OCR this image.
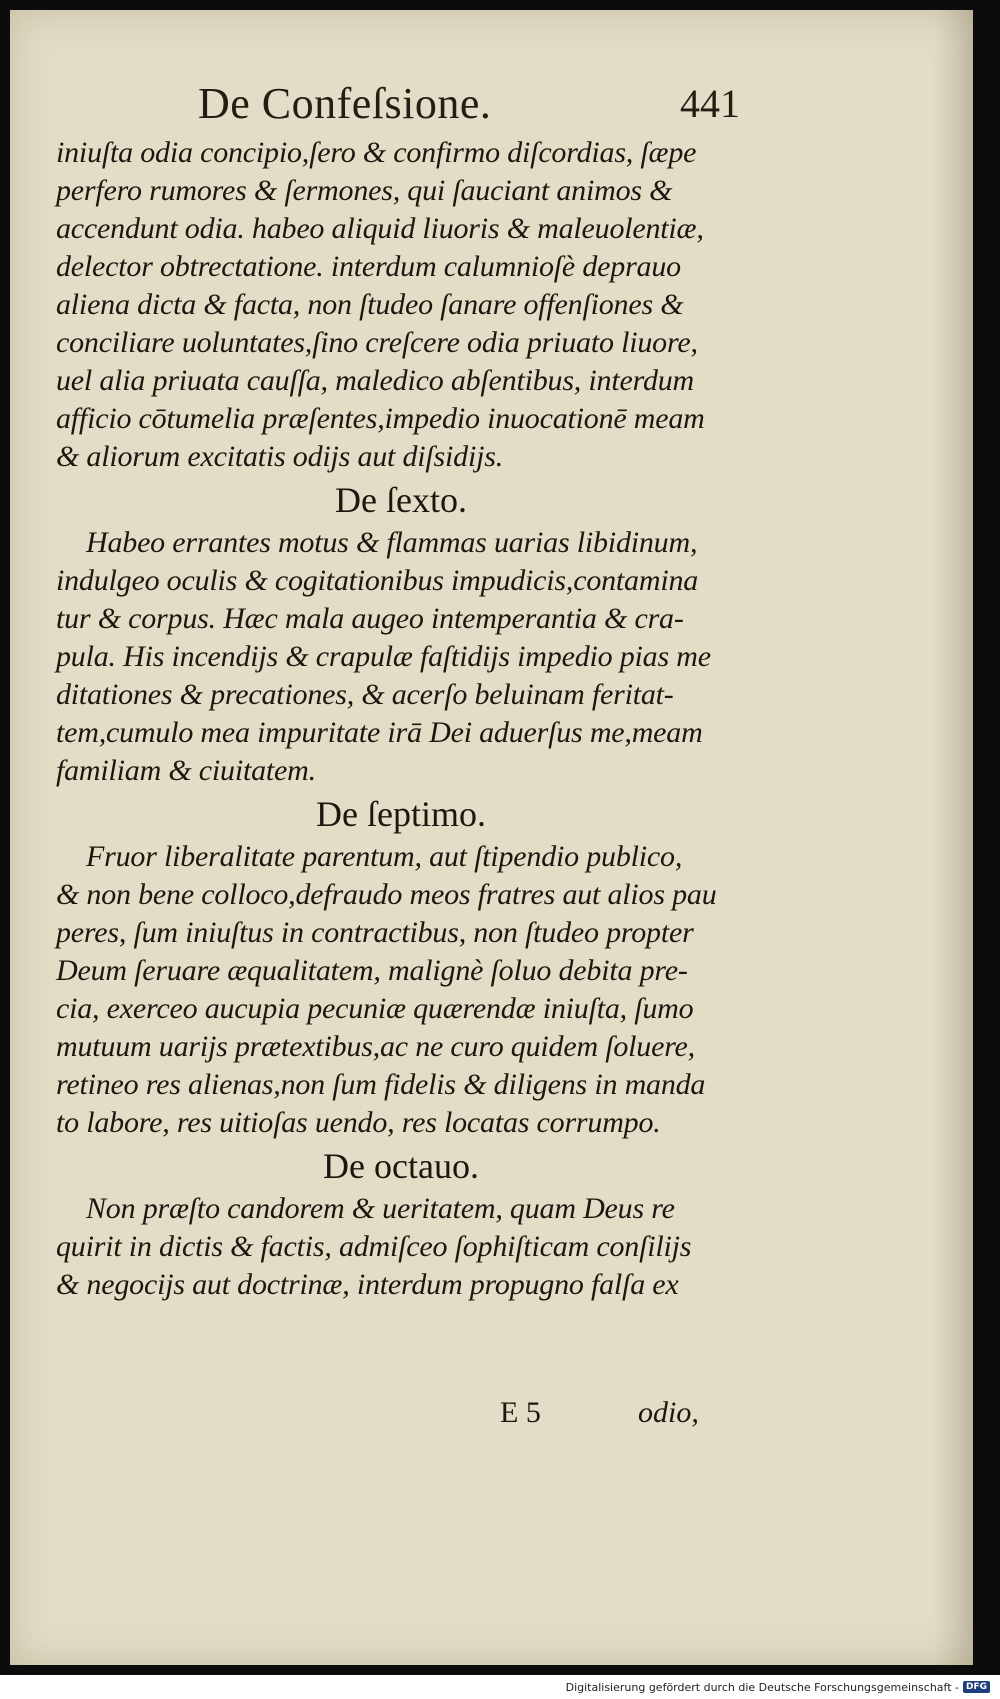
De Confeſsione.	441
iniuſta odia concipio,ſero & confirmo diſcordias, ſæpe
perfero rumores & ſermones, qui ſauciant animos &
accendunt odia. habeo aliquid liuoris & maleuolentiæ,
delector obtrectatione. interdum calumnioſè deprauo
aliena dicta & facta, non ſtudeo ſanare offenſiones &
conciliare uoluntates,ſino creſcere odia priuato liuore,
uel alia priuata cauſſa, maledico abſentibus, interdum
afficio cōtumelia præſentes,impedio inuocationē meam
& aliorum excitatis odijs aut diſsidijs.
De ſexto.
Habeo errantes motus & flammas uarias libidinum,
indulgeo oculis & cogitationibus impudicis,contamina
tur & corpus. Hæc mala augeo intemperantia & cra-
pula. His incendijs & crapulæ faſtidijs impedio pias me
ditationes & precationes, & acerſo beluinam feritat-
tem,cumulo mea impuritate irā Dei aduerſus me,meam
familiam & ciuitatem.
De ſeptimo.
Fruor liberalitate parentum, aut ſtipendio publico,
& non bene colloco,defraudo meos fratres aut alios pau
peres, ſum iniuſtus in contractibus, non ſtudeo propter
Deum ſeruare æqualitatem, malignè ſoluo debita pre-
cia, exerceo aucupia pecuniæ quærendæ iniuſta, ſumo
mutuum uarijs prætextibus,ac ne curo quidem ſoluere,
retineo res alienas,non ſum fidelis & diligens in manda
to labore, res uitioſas uendo, res locatas corrumpo.
De octauo.
Non præſto candorem & ueritatem, quam Deus re
quirit in dictis & factis, admiſceo ſophiſticam conſilijs
& negocijs aut doctrinæ, interdum propugno falſa ex
E 5	odio,
Digitalisierung gefördert durch die Deutsche Forschungsgemeinschaft - DFG
